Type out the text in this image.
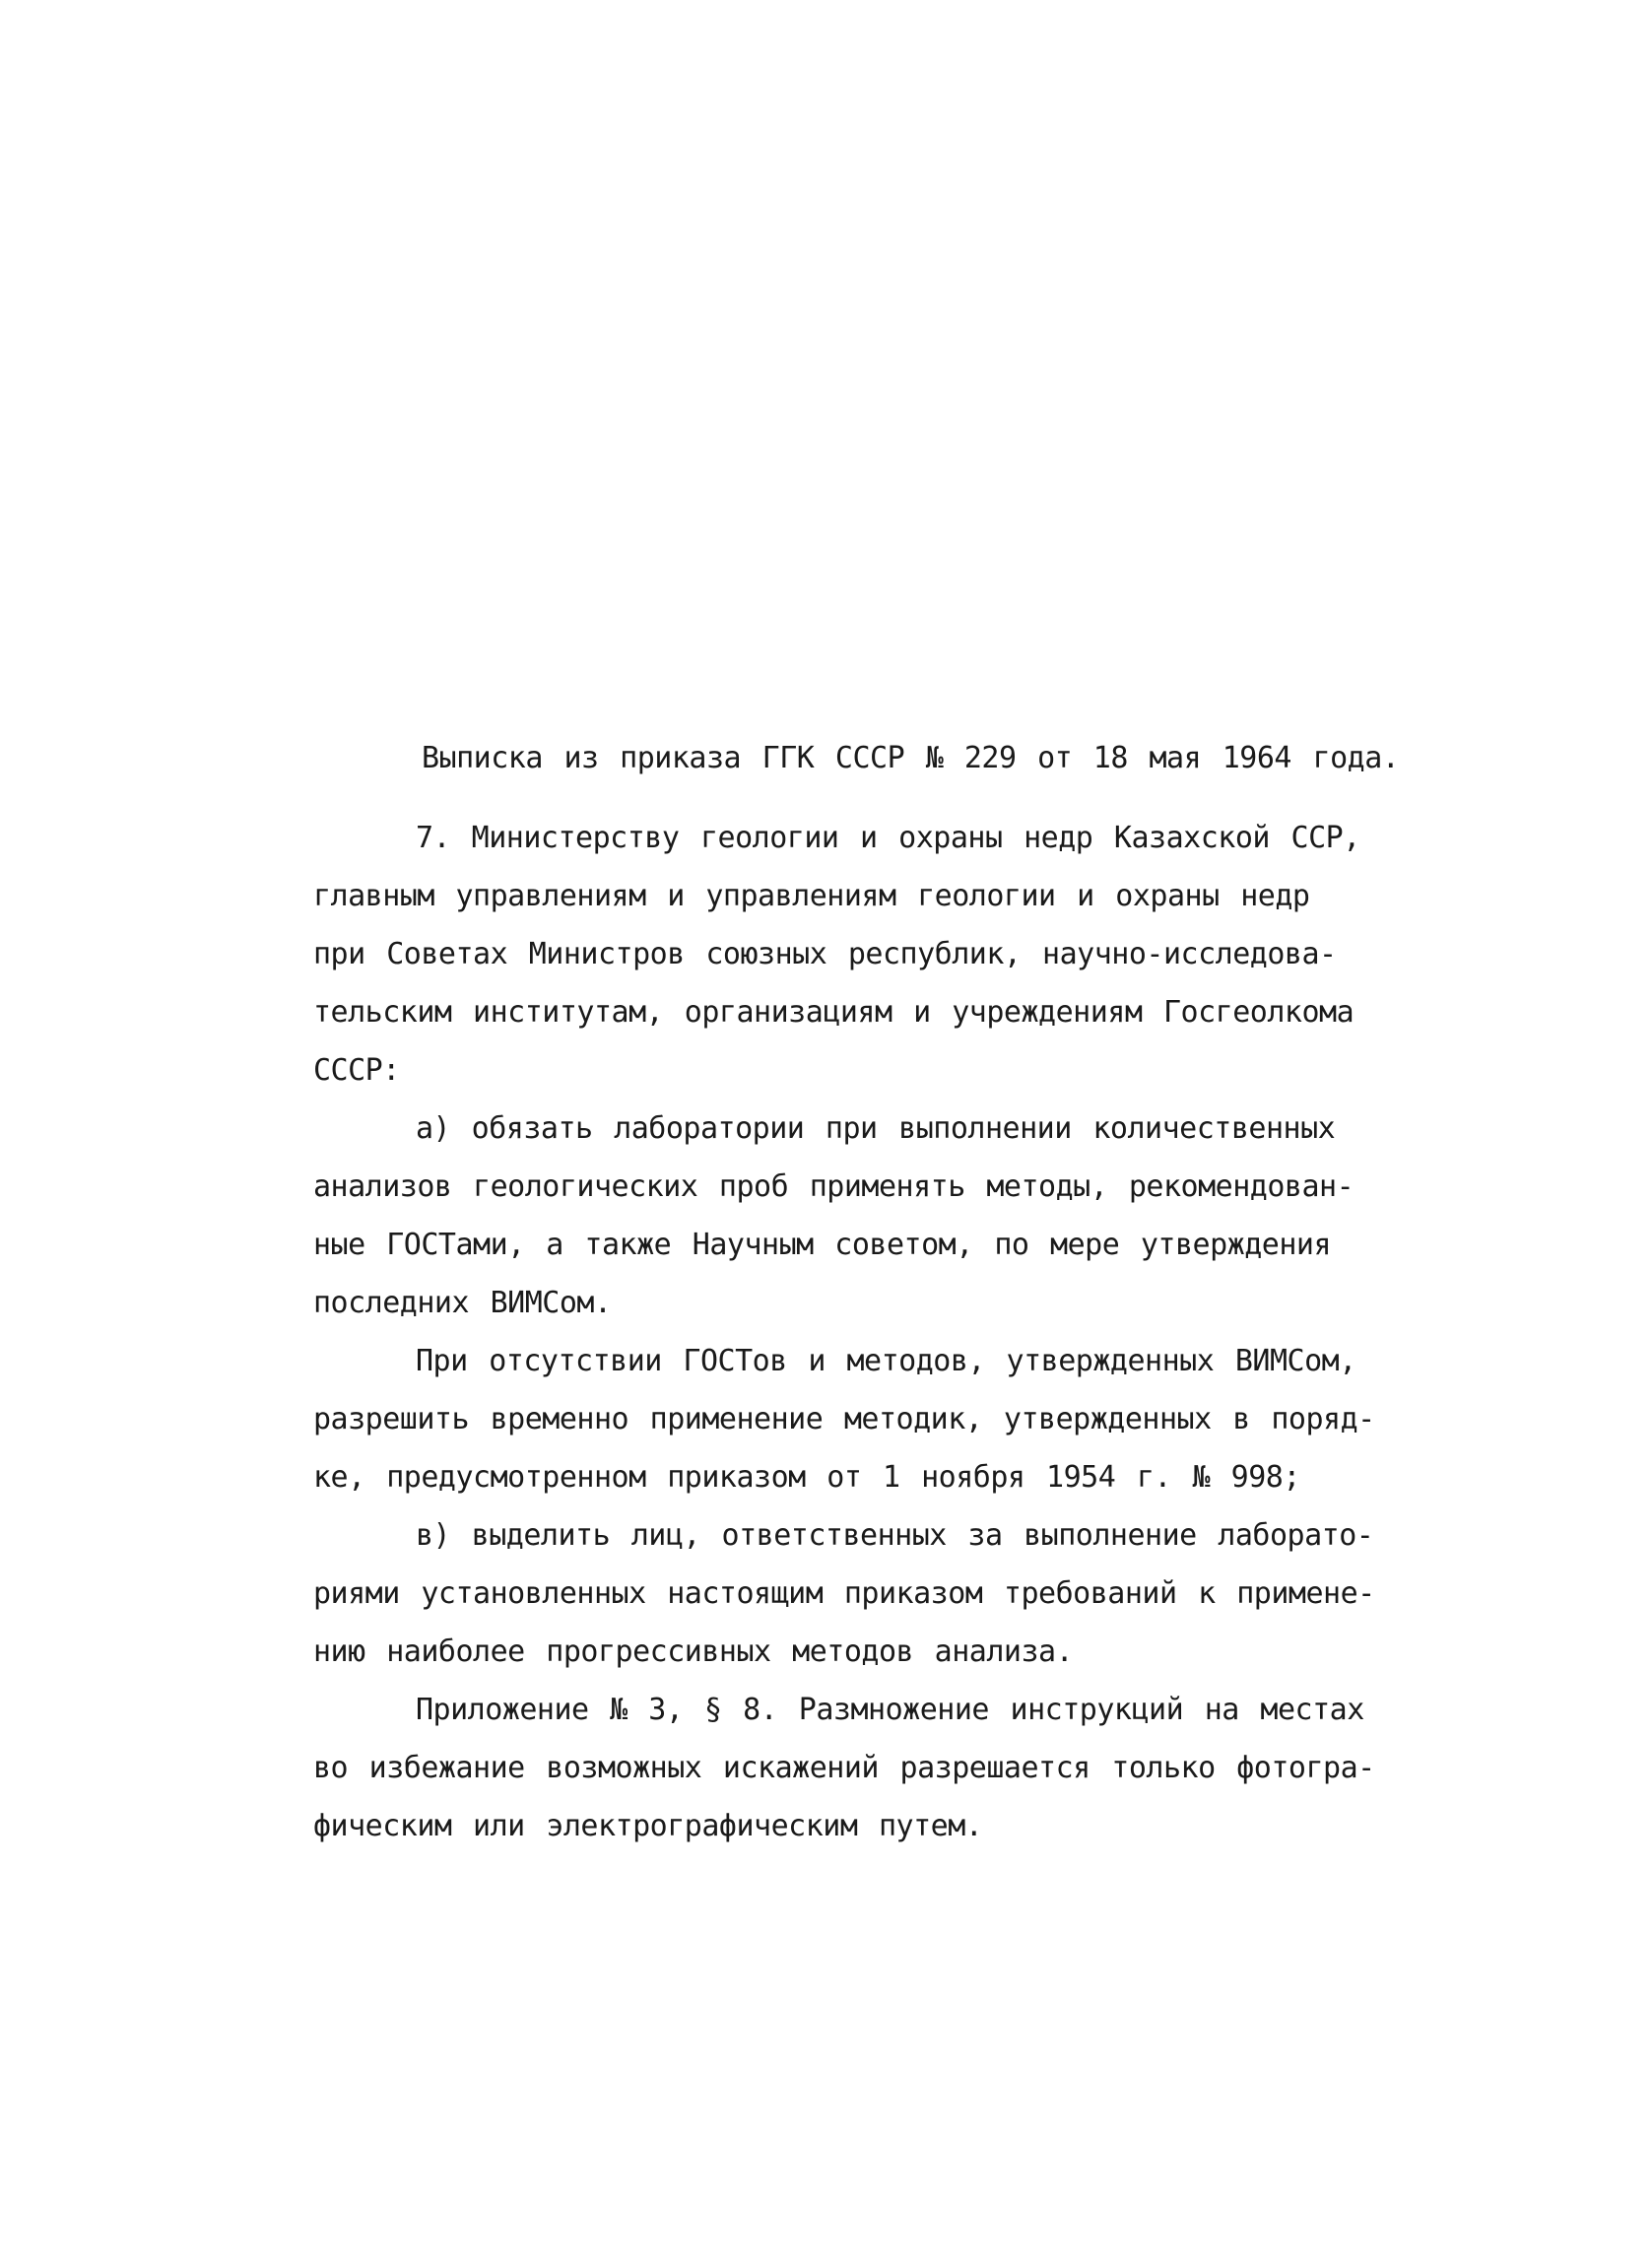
Выписка из приказа ГГК СССР № 229 от 18 мая 1964 года.
7. Министерству геологии и охраны недр Казахской ССР,
главным управлениям и управлениям геологии и охраны недр
при Советах Министров союзных республик, научно-исследова-
тельским институтам, организациям и учреждениям Госгеолкома
СССР:
а) обязать лаборатории при выполнении количественных
анализов геологических проб применять методы, рекомендован-
ные ГОСТами, а также Научным советом, по мере утверждения
последних ВИМСом.
При отсутствии ГОСТов и методов, утвержденных ВИМСом,
разрешить временно применение методик, утвержденных в поряд-
ке, предусмотренном приказом от 1 ноября 1954 г. № 998;
в) выделить лиц, ответственных за выполнение лаборато-
риями установленных настоящим приказом требований к примене-
нию наиболее прогрессивных методов анализа.
Приложение № 3, § 8. Размножение инструкций на местах
во избежание возможных искажений разрешается только фотогра-
фическим или электрографическим путем.
